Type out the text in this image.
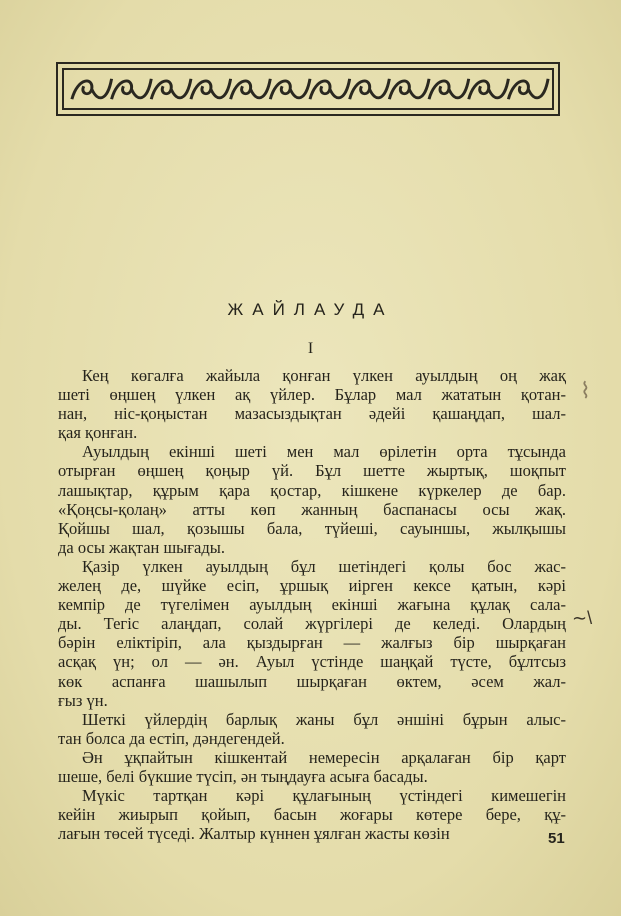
ЖАЙЛАУДА
I
Кең көгалға жайыла қонған үлкен ауылдың оң жақ
шеті өңшең үлкен ақ үйлер. Бұлар мал жататын қотан-
нан, ніс-қоңыстан мазасыздықтан әдейі қашаңдап, шал-
қая қонған.
Ауылдың екінші шеті мен мал өрілетін орта тұсында
отырған өңшең қоңыр үй. Бұл шетте жыртық, шоқпыт
лашықтар, құрым қара қостар, кішкене күркелер де бар.
«Қоңсы-қолаң» атты көп жанның баспанасы осы жақ.
Қойшы шал, қозышы бала, түйеші, сауыншы, жылқышы
да осы жақтан шығады.
Қазір үлкен ауылдың бұл шетіндегі қолы бос жас-
желең де, шүйке есіп, ұршық иірген кексе қатын, кәрі
кемпір де түгелімен ауылдың екінші жағына құлақ сала-
ды. Тегіс алаңдап, солай жүргілері де келеді. Олардың
бәрін еліктіріп, ала қыздырған — жалғыз бір шырқаған
асқақ үн; ол — ән. Ауыл үстінде шаңқай түсте, бұлтсыз
көк аспанға шашылып шырқаған өктем, әсем жал-
ғыз үн.
Шеткі үйлердің барлық жаны бұл әншіні бұрын алыс-
тан болса да естіп, дәндегендей.
Ән ұқпайтын кішкентай немересін арқалаған бір қарт
шеше, белі бүкшие түсіп, ән тыңдауға асыға басады.
Мүкіс тартқан кәрі құлағының үстіндегі кимешегін
кейін жиырып қойып, басын жоғары көтере бере, құ-
лағын төсей түседі. Жалтыр күннен ұялған жасты көзін	51
⌇
∼\
